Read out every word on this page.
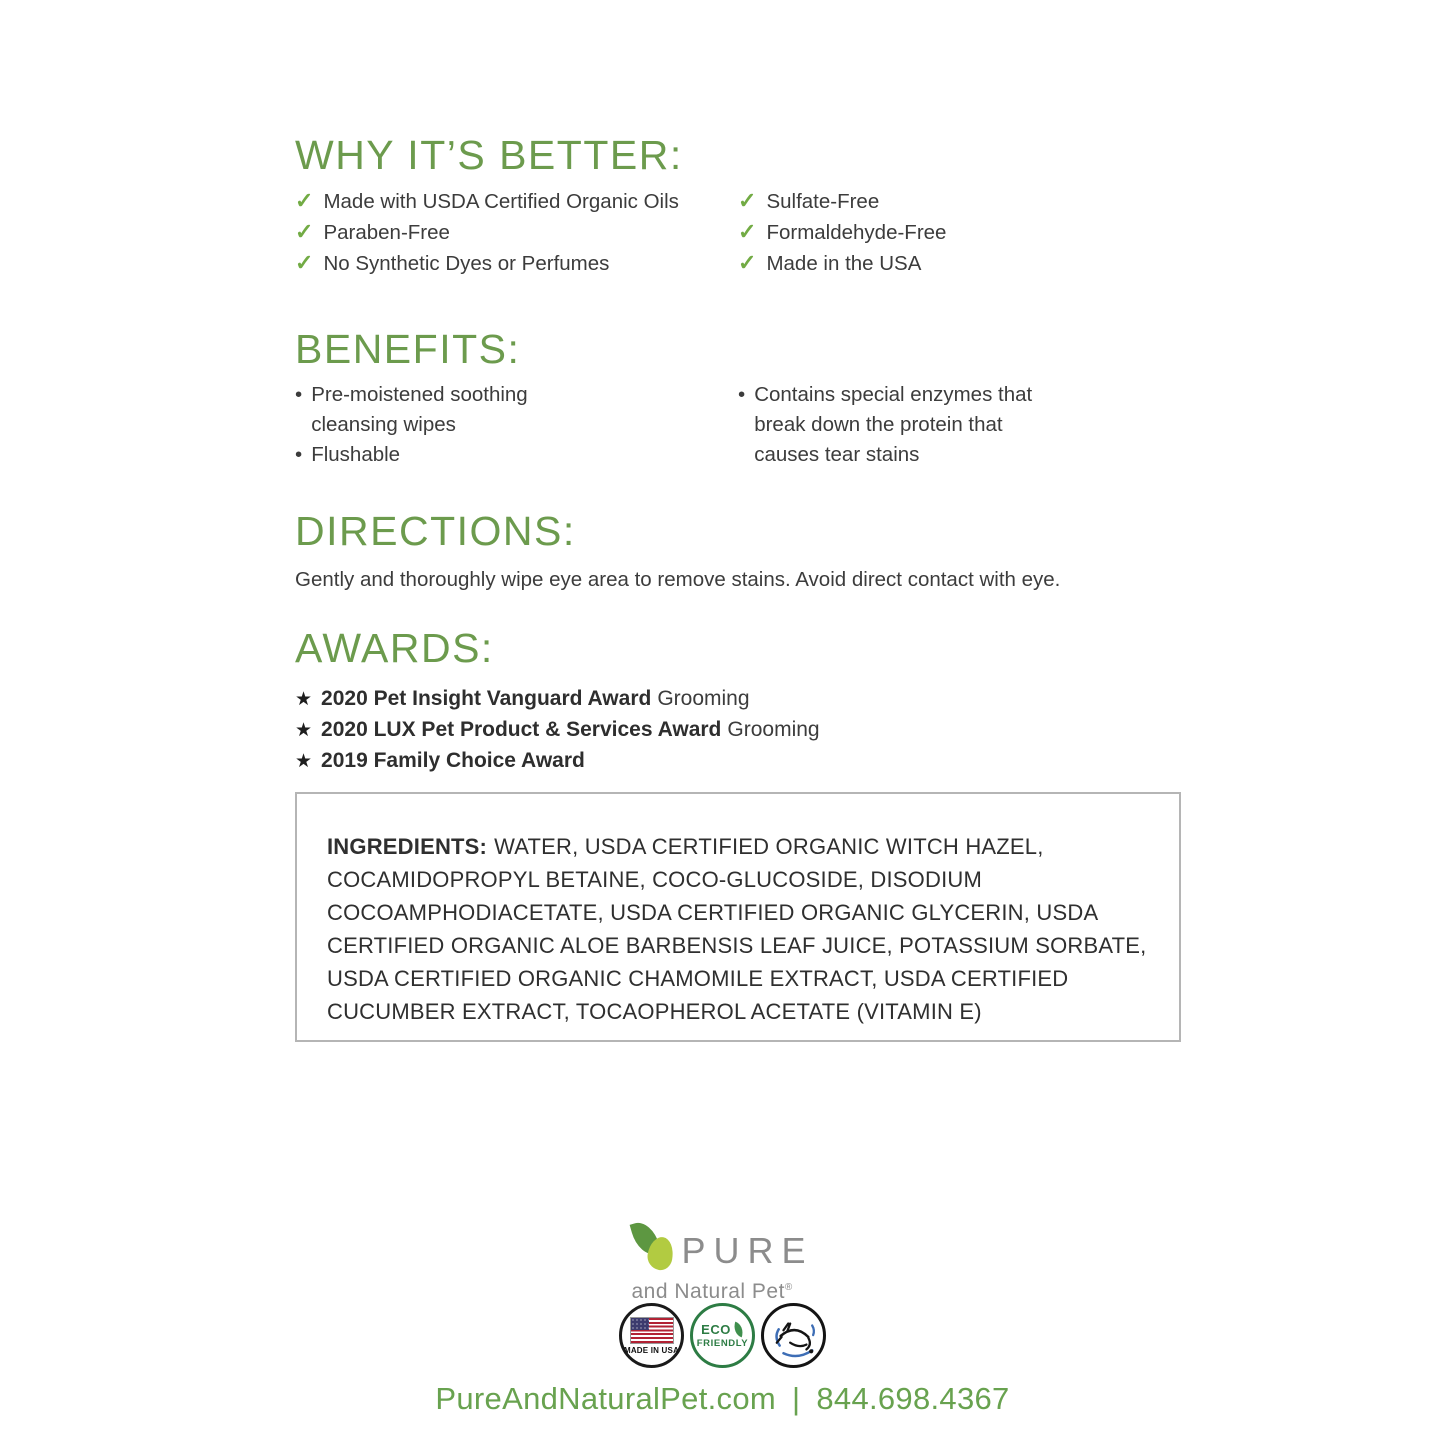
WHY IT’S BETTER:
✓ Made with USDA Certified Organic Oils
✓ Paraben-Free
✓ No Synthetic Dyes or Perfumes
✓ Sulfate-Free
✓ Formaldehyde-Free
✓ Made in the USA
BENEFITS:
• Pre-moistened soothing cleansing wipes
• Flushable
• Contains special enzymes that break down the protein that causes tear stains
DIRECTIONS:

Gently and thoroughly wipe eye area to remove stains. Avoid direct contact with eye.

AWARDS:
★ 2020 Pet Insight Vanguard Award Grooming
★ 2020 LUX Pet Product & Services Award Grooming
★ 2019 Family Choice Award
INGREDIENTS: WATER, USDA CERTIFIED ORGANIC WITCH HAZEL, COCAMIDOPROPYL BETAINE, COCO-GLUCOSIDE, DISODIUM COCOAMPHODIACETATE, USDA CERTIFIED ORGANIC GLYCERIN, USDA CERTIFIED ORGANIC ALOE BARBENSIS LEAF JUICE, POTASSIUM SORBATE, USDA CERTIFIED ORGANIC CHAMOMILE EXTRACT, USDA CERTIFIED CUCUMBER EXTRACT, TOCAOPHEROL ACETATE (VITAMIN E)
PURE
and Natural Pet®
MADE IN USA
ECO
FRIENDLY
PureAndNaturalPet.com | 844.698.4367
